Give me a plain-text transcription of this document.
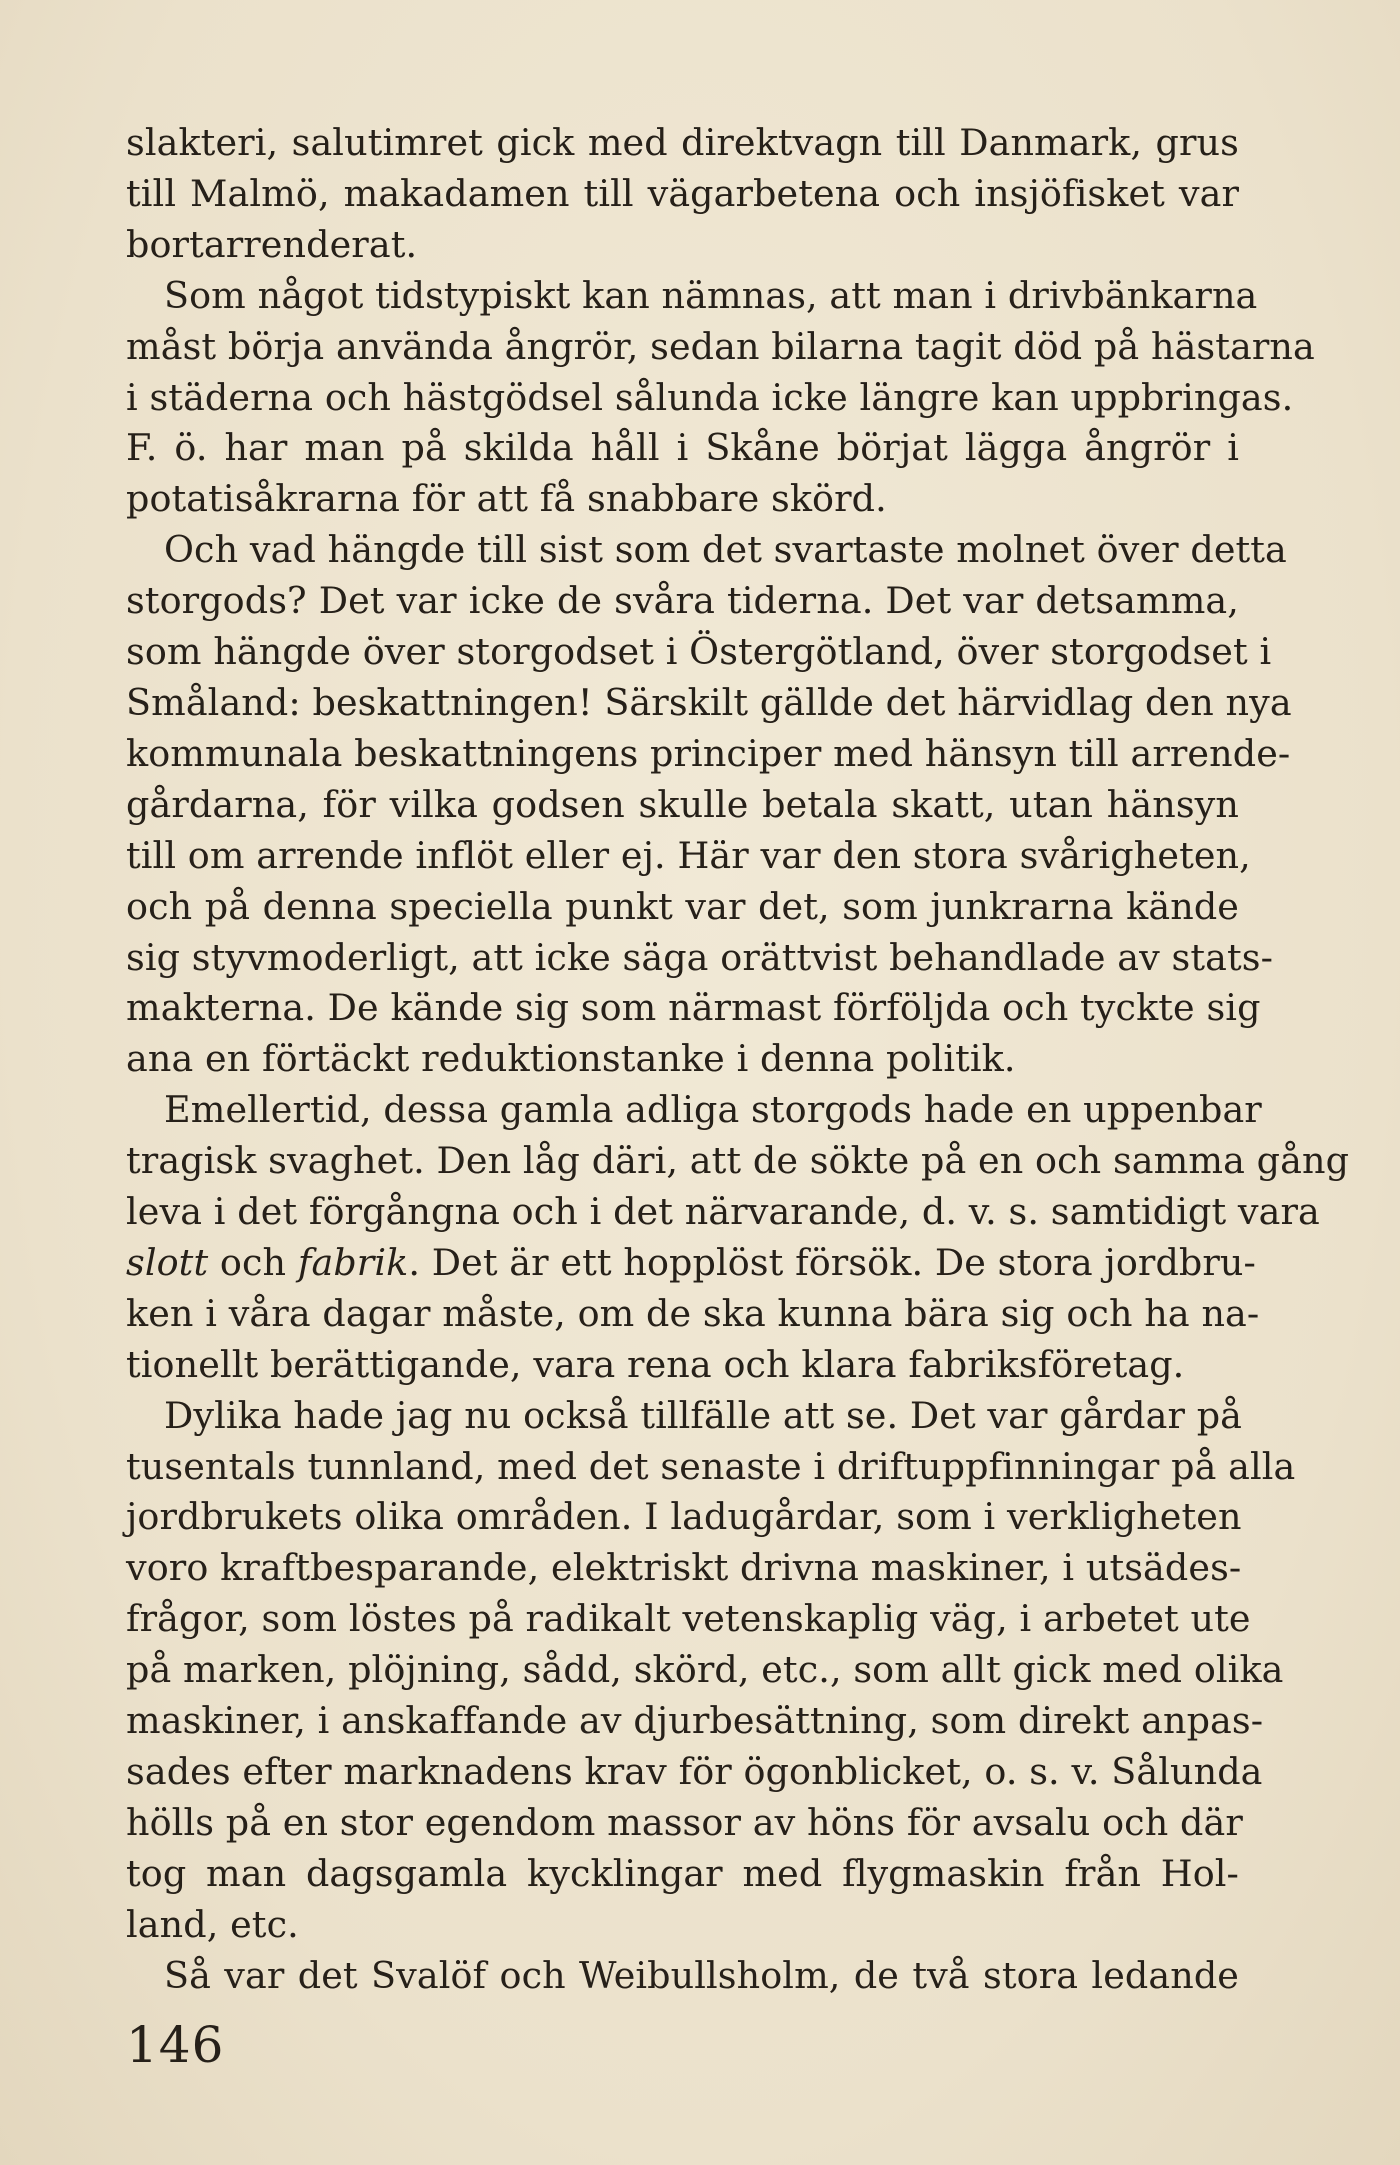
slakteri, salutimret gick med direktvagn till Danmark, grus
till Malmö, makadamen till vägarbetena och insjöfisket var
bortarrenderat.
Som något tidstypiskt kan nämnas, att man i drivbänkarna
måst börja använda ångrör, sedan bilarna tagit död på hästarna
i städerna och hästgödsel sålunda icke längre kan uppbringas.
F. ö. har man på skilda håll i Skåne börjat lägga ångrör i
potatisåkrarna för att få snabbare skörd.
Och vad hängde till sist som det svartaste molnet över detta
storgods? Det var icke de svåra tiderna. Det var detsamma,
som hängde över storgodset i Östergötland, över storgodset i
Småland: beskattningen! Särskilt gällde det härvidlag den nya
kommunala beskattningens principer med hänsyn till arrende-
gårdarna, för vilka godsen skulle betala skatt, utan hänsyn
till om arrende inflöt eller ej. Här var den stora svårigheten,
och på denna speciella punkt var det, som junkrarna kände
sig styvmoderligt, att icke säga orättvist behandlade av stats-
makterna. De kände sig som närmast förföljda och tyckte sig
ana en förtäckt reduktionstanke i denna politik.
Emellertid, dessa gamla adliga storgods hade en uppenbar
tragisk svaghet. Den låg däri, att de sökte på en och samma gång
leva i det förgångna och i det närvarande, d. v. s. samtidigt vara
slott och fabrik. Det är ett hopplöst försök. De stora jordbru-
ken i våra dagar måste, om de ska kunna bära sig och ha na-
tionellt berättigande, vara rena och klara fabriksföretag.
Dylika hade jag nu också tillfälle att se. Det var gårdar på
tusentals tunnland, med det senaste i driftuppfinningar på alla
jordbrukets olika områden. I ladugårdar, som i verkligheten
voro kraftbesparande, elektriskt drivna maskiner, i utsädes-
frågor, som löstes på radikalt vetenskaplig väg, i arbetet ute
på marken, plöjning, sådd, skörd, etc., som allt gick med olika
maskiner, i anskaffande av djurbesättning, som direkt anpas-
sades efter marknadens krav för ögonblicket, o. s. v. Sålunda
hölls på en stor egendom massor av höns för avsalu och där
tog man dagsgamla kycklingar med flygmaskin från Hol-
land, etc.
Så var det Svalöf och Weibullsholm, de två stora ledande
146
